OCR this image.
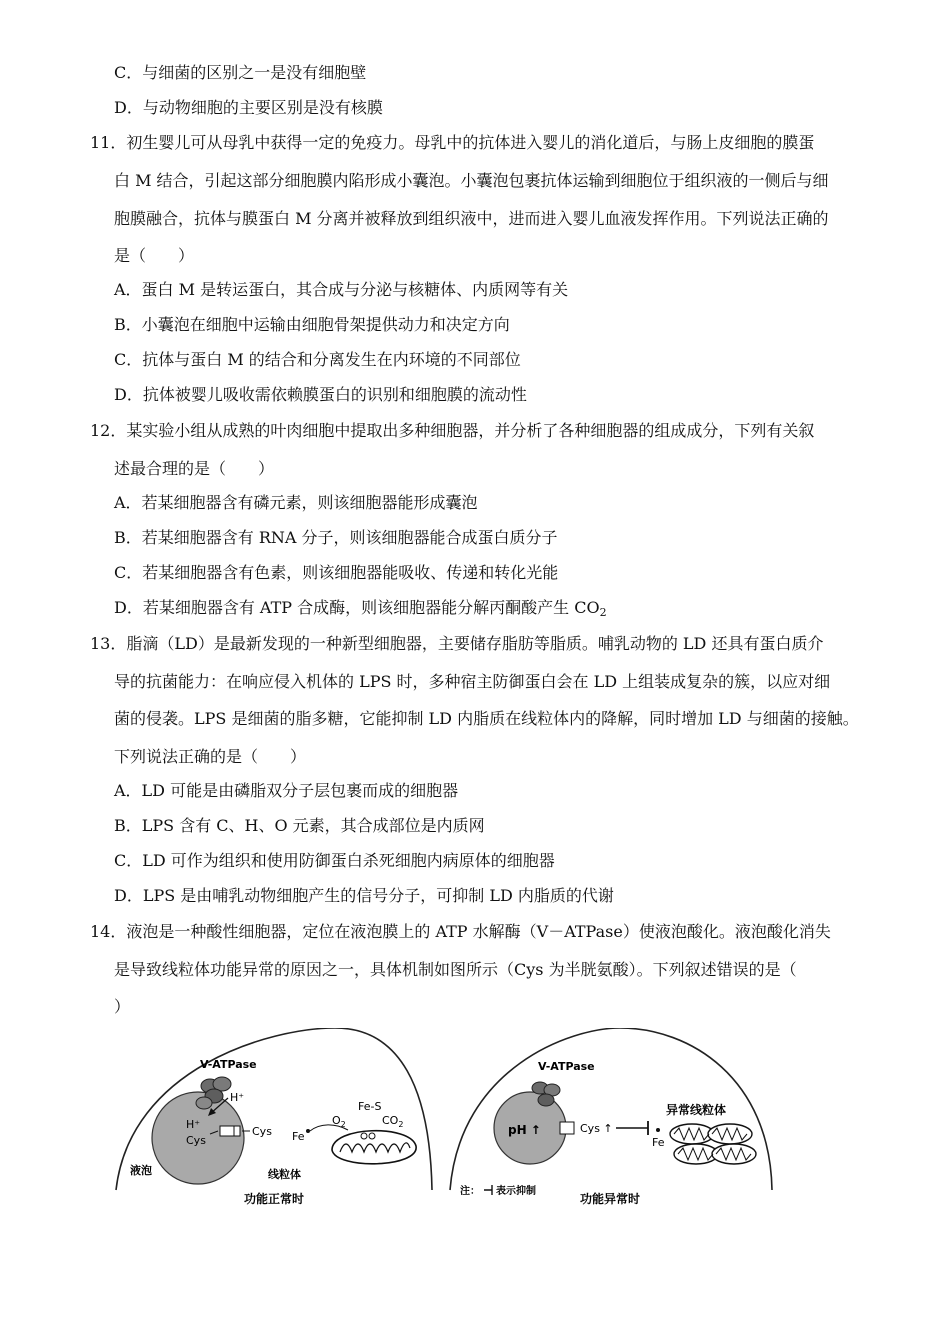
C．与细菌的区别之一是没有细胞壁
D．与动物细胞的主要区别是没有核膜
11．初生婴儿可从母乳中获得一定的免疫力。母乳中的抗体进入婴儿的消化道后，与肠上皮细胞的膜蛋
白 M 结合，引起这部分细胞膜内陷形成小囊泡。小囊泡包裹抗体运输到细胞位于组织液的一侧后与细
胞膜融合，抗体与膜蛋白 M 分离并被释放到组织液中，进而进入婴儿血液发挥作用。下列说法正确的
是（　　）
A．蛋白 M 是转运蛋白，其合成与分泌与核糖体、内质网等有关
B．小囊泡在细胞中运输由细胞骨架提供动力和决定方向
C．抗体与蛋白 M 的结合和分离发生在内环境的不同部位
D．抗体被婴儿吸收需依赖膜蛋白的识别和细胞膜的流动性
12．某实验小组从成熟的叶肉细胞中提取出多种细胞器，并分析了各种细胞器的组成成分，下列有关叙
述最合理的是（　　）
A．若某细胞器含有磷元素，则该细胞器能形成囊泡
B．若某细胞器含有 RNA 分子，则该细胞器能合成蛋白质分子
C．若某细胞器含有色素，则该细胞器能吸收、传递和转化光能
D．若某细胞器含有 ATP 合成酶，则该细胞器能分解丙酮酸产生 $CO_2$
13．脂滴（LD）是最新发现的一种新型细胞器，主要储存脂肪等脂质。哺乳动物的 LD 还具有蛋白质介
导的抗菌能力：在响应侵入机体的 LPS 时，多种宿主防御蛋白会在 LD 上组装成复杂的簇，以应对细
菌的侵袭。LPS 是细菌的脂多糖，它能抑制 LD 内脂质在线粒体内的降解，同时增加 LD 与细菌的接触。
下列说法正确的是（　　）
A．LD 可能是由磷脂双分子层包裹而成的细胞器
B．LPS 含有 C、H、O 元素，其合成部位是内质网
C．LD 可作为组织和使用防御蛋白杀死细胞内病原体的细胞器
D．LPS 是由哺乳动物细胞产生的信号分子，可抑制 LD 内脂质的代谢
14．液泡是一种酸性细胞器，定位在液泡膜上的 ATP 水解酶（V－ATPase）使液泡酸化。液泡酸化消失
是导致线粒体功能异常的原因之一，具体机制如图所示（Cys 为半胱氨酸）。下列叙述错误的是（
）
V-ATPase
H⁺
H⁺
Cys
Cys
液泡
Fe
Fe-S
$O_2$	$CO_2$
线粒体
功能正常时
V-ATPase
pH ↑	Cys ↑
Fe
异常线粒体
注： 表示抑制
功能异常时
